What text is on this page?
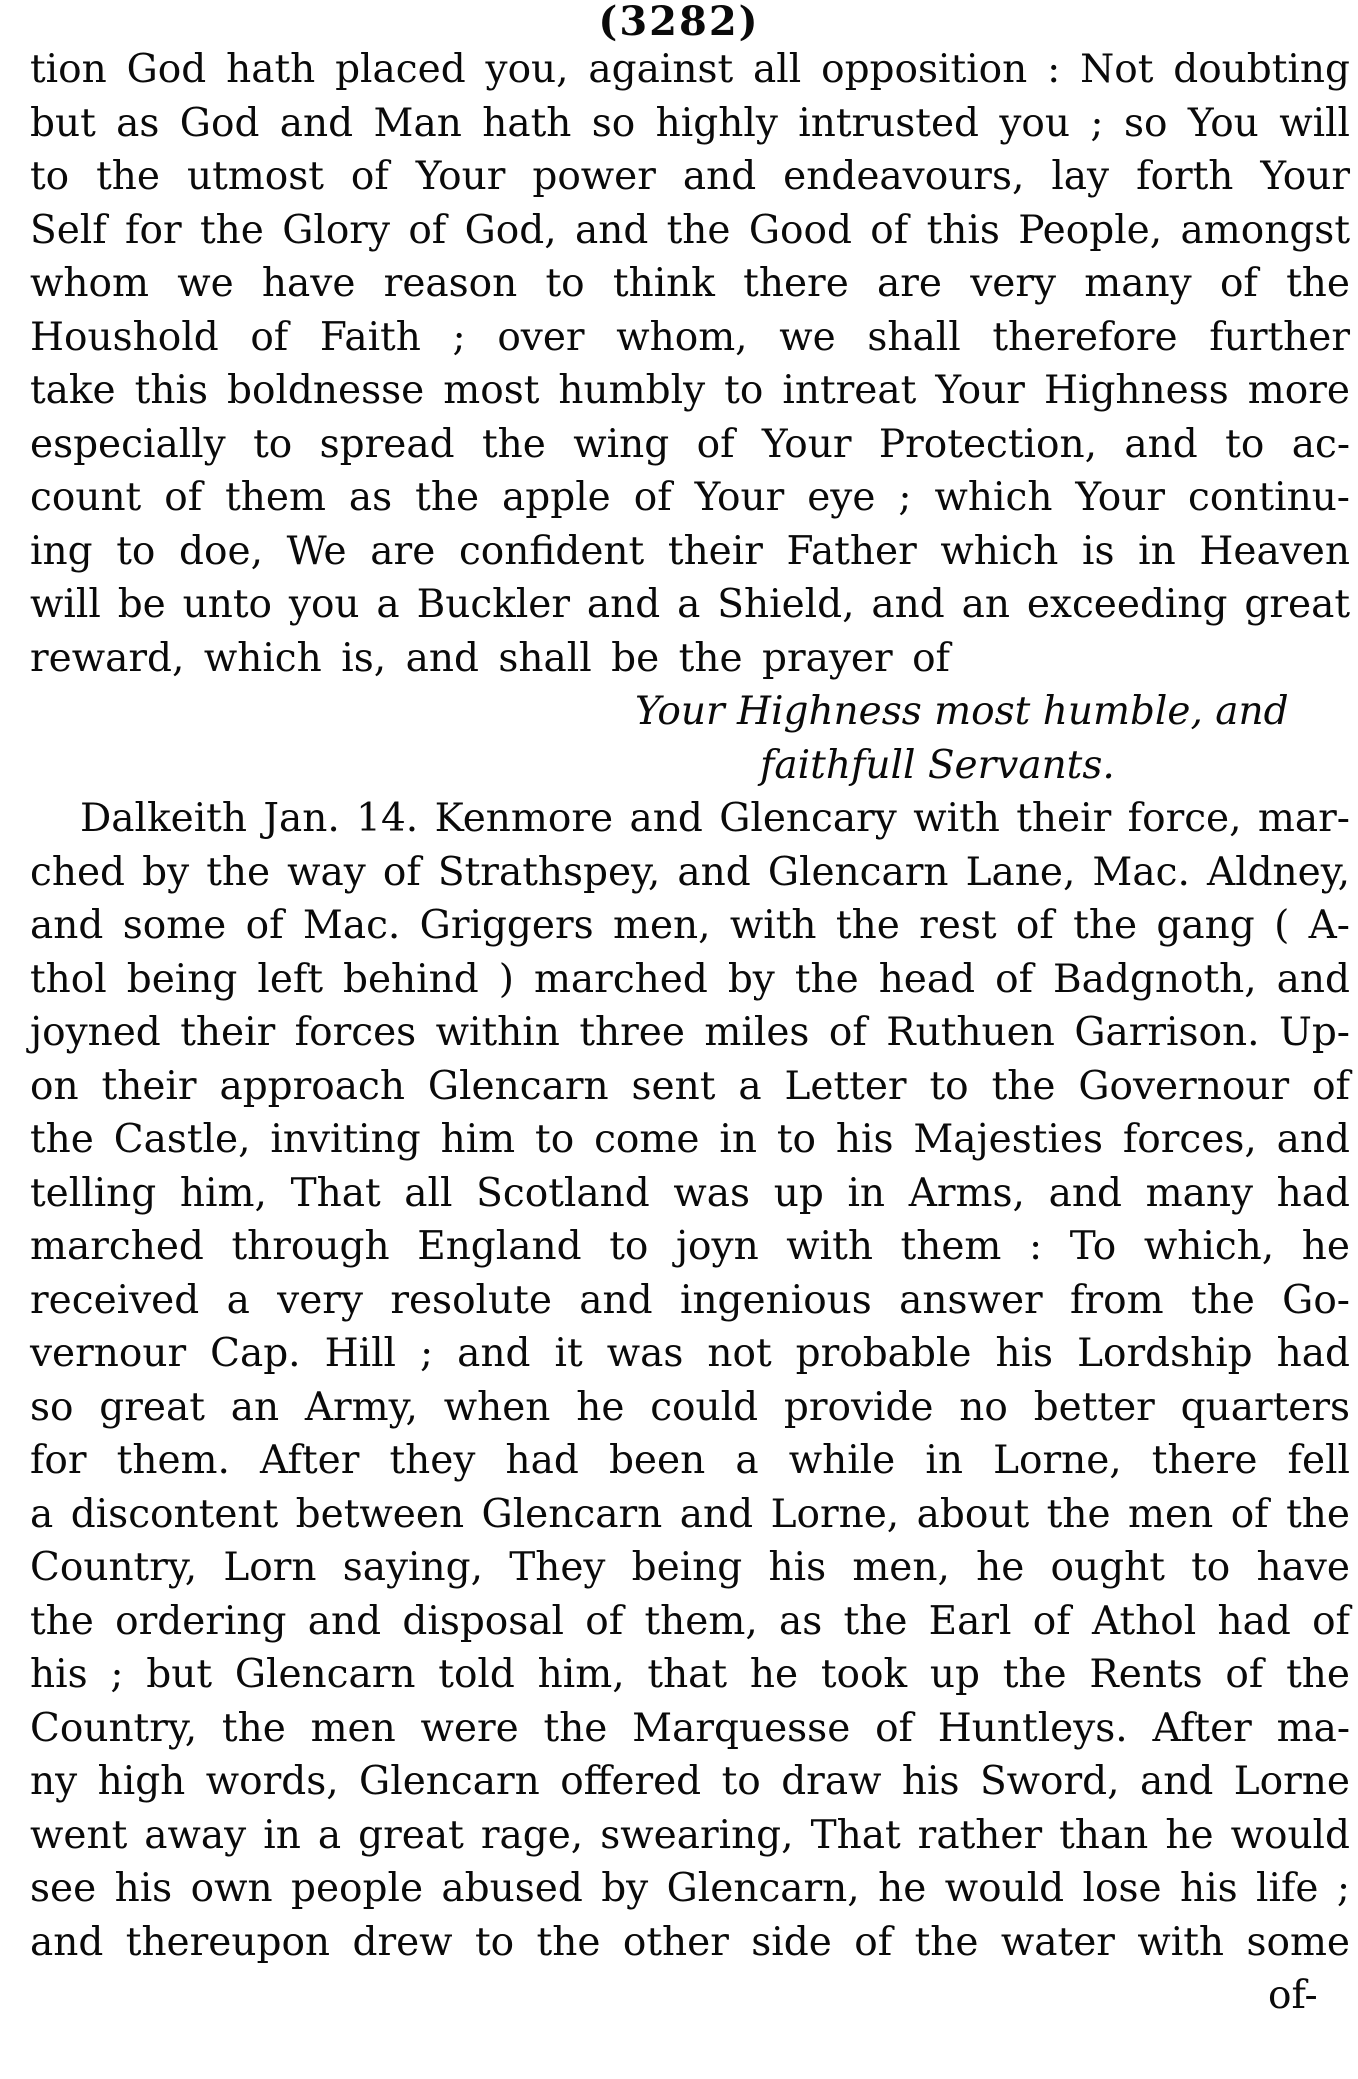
(3282)
tion God hath placed you, against all opposition : Not doubting
but as God and Man hath so highly intrusted you ; so You will
to the utmost of Your power and endeavours, lay forth Your
Self for the Glory of God, and the Good of this People, amongst
whom we have reason to think there are very many of the
Houshold of Faith ; over whom, we shall therefore further
take this boldnesse most humbly to intreat Your Highness more
especially to spread the wing of Your Protection, and to ac-
count of them as the apple of Your eye ; which Your continu-
ing to doe, We are confident their Father which is in Heaven
will be unto you a Buckler and a Shield, and an exceeding great
reward, which is, and shall be the prayer of
Your Highness most humble, and
faithfull Servants.
Dalkeith Jan. 14. Kenmore and Glencary with their force, mar-
ched by the way of Strathspey, and Glencarn Lane, Mac. Aldney,
and some of Mac. Griggers men, with the rest of the gang ( A-
thol being left behind ) marched by the head of Badgnoth, and
joyned their forces within three miles of Ruthuen Garrison. Up-
on their approach Glencarn sent a Letter to the Governour of
the Castle, inviting him to come in to his Majesties forces, and
telling him, That all Scotland was up in Arms, and many had
marched through England to joyn with them : To which, he
received a very resolute and ingenious answer from the Go-
vernour Cap. Hill ; and it was not probable his Lordship had
so great an Army, when he could provide no better quarters
for them. After they had been a while in Lorne, there fell
a discontent between Glencarn and Lorne, about the men of the
Country, Lorn saying, They being his men, he ought to have
the ordering and disposal of them, as the Earl of Athol had of
his ; but Glencarn told him, that he took up the Rents of the
Country, the men were the Marquesse of Huntleys. After ma-
ny high words, Glencarn offered to draw his Sword, and Lorne
went away in a great rage, swearing, That rather than he would
see his own people abused by Glencarn, he would lose his life ;
and thereupon drew to the other side of the water with some
of-
